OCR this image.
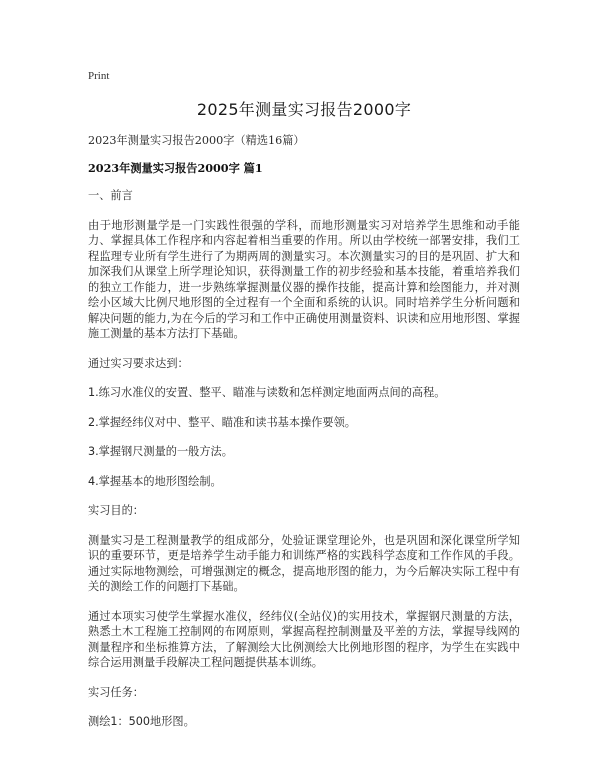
Print
2025年测量实习报告2000字

2023年测量实习报告2000字（精选16篇）

2023年测量实习报告2000字 篇1

一、前言

由于地形测量学是一门实践性很强的学科，而地形测量实习对培养学生思维和动手能力、掌握具体工作程序和内容起着相当重要的作用。所以由学校统一部署安排，我们工程监理专业所有学生进行了为期两周的测量实习。本次测量实习的目的是巩固、扩大和加深我们从课堂上所学理论知识，获得测量工作的初步经验和基本技能，着重培养我们的独立工作能力，进一步熟练掌握测量仪器的操作技能，提高计算和绘图能力，并对测绘小区域大比例尺地形图的全过程有一个全面和系统的认识。同时培养学生分析问题和解决问题的能力,为在今后的学习和工作中正确使用测量资料、识读和应用地形图、掌握施工测量的基本方法打下基础。

通过实习要求达到：

1.练习水准仪的安置、整平、瞄准与读数和怎样测定地面两点间的高程。

2.掌握经纬仪对中、整平、瞄准和读书基本操作要领。

3.掌握钢尺测量的一般方法。

4.掌握基本的地形图绘制。

实习目的：

测量实习是工程测量教学的组成部分，处验证课堂理论外，也是巩固和深化课堂所学知识的重要环节，更是培养学生动手能力和训练严格的实践科学态度和工作作风的手段。通过实际地物测绘，可增强测定的概念，提高地形图的能力，为今后解决实际工程中有关的测绘工作的问题打下基础。

通过本项实习使学生掌握水准仪，经纬仪(全站仪)的实用技术，掌握钢尺测量的方法，熟悉土木工程施工控制网的布网原则，掌握高程控制测量及平差的方法，掌握导线网的测量程序和坐标推算方法，了解测绘大比例测绘大比例地形图的程序，为学生在实践中综合运用测量手段解决工程问题提供基本训练。

实习任务：

测绘1：500地形图。
